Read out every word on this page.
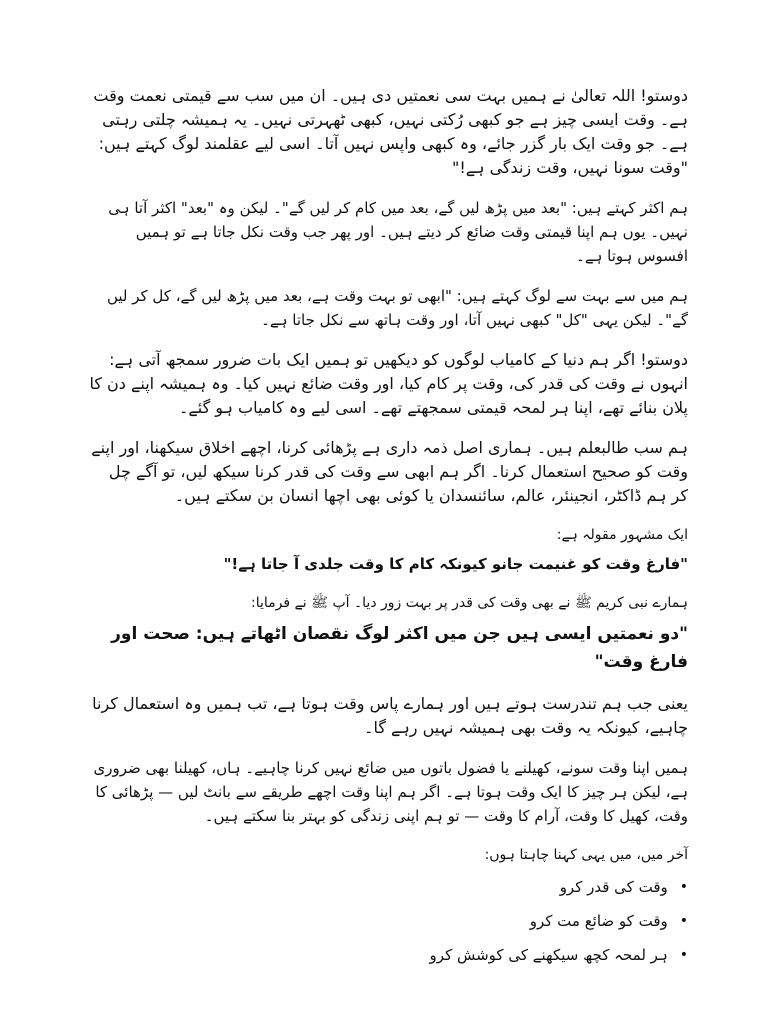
دوستو! اللہ تعالیٰ نے ہمیں بہت سی نعمتیں دی ہیں۔ ان میں سب سے قیمتی نعمت وقت ہے۔ وقت ایسی چیز ہے جو کبھی رُکتی نہیں، کبھی ٹھہرتی نہیں۔ یہ ہمیشہ چلتی رہتی ہے۔ جو وقت ایک بار گزر جائے، وہ کبھی واپس نہیں آتا۔ اسی لیے عقلمند لوگ کہتے ہیں: "وقت سونا نہیں، وقت زندگی ہے!"

ہم اکثر کہتے ہیں: "بعد میں پڑھ لیں گے، بعد میں کام کر لیں گے"۔ لیکن وہ "بعد" اکثر آتا ہی نہیں۔ یوں ہم اپنا قیمتی وقت ضائع کر دیتے ہیں۔ اور پھر جب وقت نکل جاتا ہے تو ہمیں افسوس ہوتا ہے۔

ہم میں سے بہت سے لوگ کہتے ہیں: "ابھی تو بہت وقت ہے، بعد میں پڑھ لیں گے، کل کر لیں گے"۔ لیکن یہی "کل" کبھی نہیں آتا، اور وقت ہاتھ سے نکل جاتا ہے۔

دوستو! اگر ہم دنیا کے کامیاب لوگوں کو دیکھیں تو ہمیں ایک بات ضرور سمجھ آتی ہے: انہوں نے وقت کی قدر کی، وقت پر کام کیا، اور وقت ضائع نہیں کیا۔ وہ ہمیشہ اپنے دن کا پلان بنائے تھے، اپنا ہر لمحہ قیمتی سمجھتے تھے۔ اسی لیے وہ کامیاب ہو گئے۔

ہم سب طالبعلم ہیں۔ ہماری اصل ذمہ داری ہے پڑھائی کرنا، اچھے اخلاق سیکھنا، اور اپنے وقت کو صحیح استعمال کرنا۔ اگر ہم ابھی سے وقت کی قدر کرنا سیکھ لیں، تو آگے چل کر ہم ڈاکٹر، انجینئر، عالم، سائنسدان یا کوئی بھی اچھا انسان بن سکتے ہیں۔

ایک مشہور مقولہ ہے:

"فارغ وقت کو غنیمت جانو کیونکہ کام کا وقت جلدی آ جاتا ہے!"

ہمارے نبی کریم ﷺ نے بھی وقت کی قدر پر بہت زور دیا۔ آپ ﷺ نے فرمایا:

"دو نعمتیں ایسی ہیں جن میں اکثر لوگ نقصان اٹھاتے ہیں: صحت اور فارغ وقت"

یعنی جب ہم تندرست ہوتے ہیں اور ہمارے پاس وقت ہوتا ہے، تب ہمیں وہ استعمال کرنا چاہیے، کیونکہ یہ وقت بھی ہمیشہ نہیں رہے گا۔

ہمیں اپنا وقت سونے، کھیلنے یا فضول باتوں میں ضائع نہیں کرنا چاہیے۔ ہاں، کھیلنا بھی ضروری ہے، لیکن ہر چیز کا ایک وقت ہوتا ہے۔ اگر ہم اپنا وقت اچھے طریقے سے بانٹ لیں — پڑھائی کا وقت، کھیل کا وقت، آرام کا وقت — تو ہم اپنی زندگی کو بہتر بنا سکتے ہیں۔

آخر میں، میں یہی کہنا چاہتا ہوں:

•
وقت کی قدر کرو
•
وقت کو ضائع مت کرو
•
ہر لمحہ کچھ سیکھنے کی کوشش کرو
